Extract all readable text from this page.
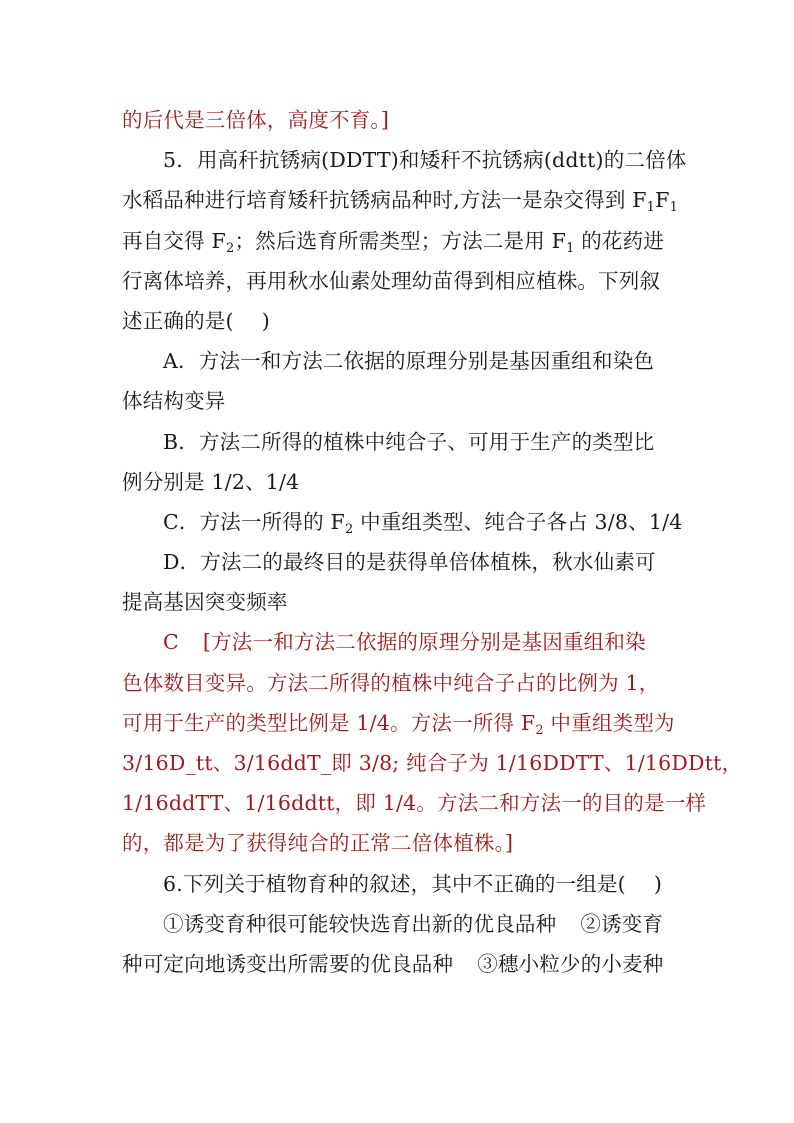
的后代是三倍体，高度不育。]
5．用高秆抗锈病(DDTT)和矮秆不抗锈病(ddtt)的二倍体
水稻品种进行培育矮秆抗锈病品种时,方法一是杂交得到 $F_1F_1$
再自交得 $F_2$；然后选育所需类型；方法二是用 $F_1$ 的花药进
行离体培养，再用秋水仙素处理幼苗得到相应植株。下列叙
述正确的是( )
A．方法一和方法二依据的原理分别是基因重组和染色
体结构变异
B．方法二所得的植株中纯合子、可用于生产的类型比
例分别是 1/2、1/4
C．方法一所得的 $F_2$ 中重组类型、纯合子各占 3/8、1/4
D．方法二的最终目的是获得单倍体植株，秋水仙素可
提高基因突变频率
C [方法一和方法二依据的原理分别是基因重组和染
色体数目变异。方法二所得的植株中纯合子占的比例为 1，
可用于生产的类型比例是 1/4。方法一所得 $F_2$ 中重组类型为
3/16D_tt、3/16ddT_即 3/8; 纯合子为 1/16DDTT、1/16DDtt，
1/16ddTT、1/16ddtt，即 1/4。方法二和方法一的目的是一样
的，都是为了获得纯合的正常二倍体植株。]
6.下列关于植物育种的叙述，其中不正确的一组是( )
①诱变育种很可能较快选育出新的优良品种 ②诱变育
种可定向地诱变出所需要的优良品种 ③穗小粒少的小麦种
